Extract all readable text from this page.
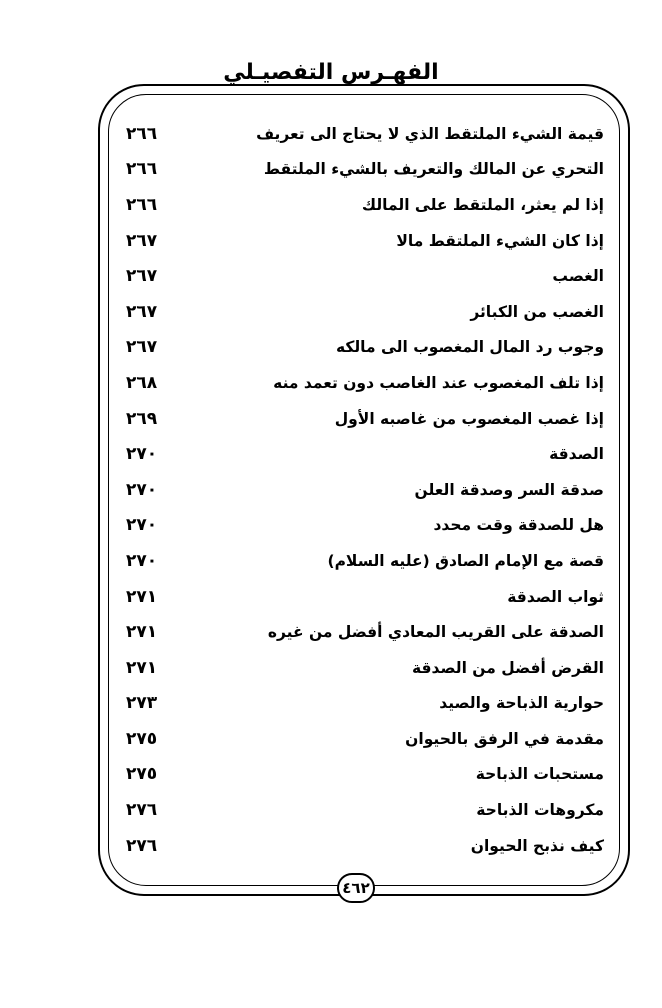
الفهـرس التفصيـلي
٢٦٦	قيمة الشيء الملتقط الذي لا يحتاج الى تعريف
٢٦٦	التحري عن المالك والتعريف بالشيء الملتقط
٢٦٦	إذا لم يعثر، الملتقط على المالك
٢٦٧	إذا كان الشيء الملتقط مالا
٢٦٧	الغصب
٢٦٧	الغصب من الكبائر
٢٦٧	وجوب رد المال المغصوب الى مالكه
٢٦٨	إذا تلف المغصوب عند الغاصب دون تعمد منه
٢٦٩	إذا غصب المغصوب من غاصبه الأول
٢٧٠	الصدقة
٢٧٠	صدقة السر وصدقة العلن
٢٧٠	هل للصدقة وقت محدد
٢٧٠	قصة مع الإمام الصادق (عليه السلام)
٢٧١	ثواب الصدقة
٢٧١	الصدقة على القريب المعادي أفضل من غيره
٢٧١	القرض أفضل من الصدقة
٢٧٣	حوارية الذباحة والصيد
٢٧٥	مقدمة في الرفق بالحيوان
٢٧٥	مستحبات الذباحة
٢٧٦	مكروهات الذباحة
٢٧٦	كيف نذبح الحيوان
٤٦٢
